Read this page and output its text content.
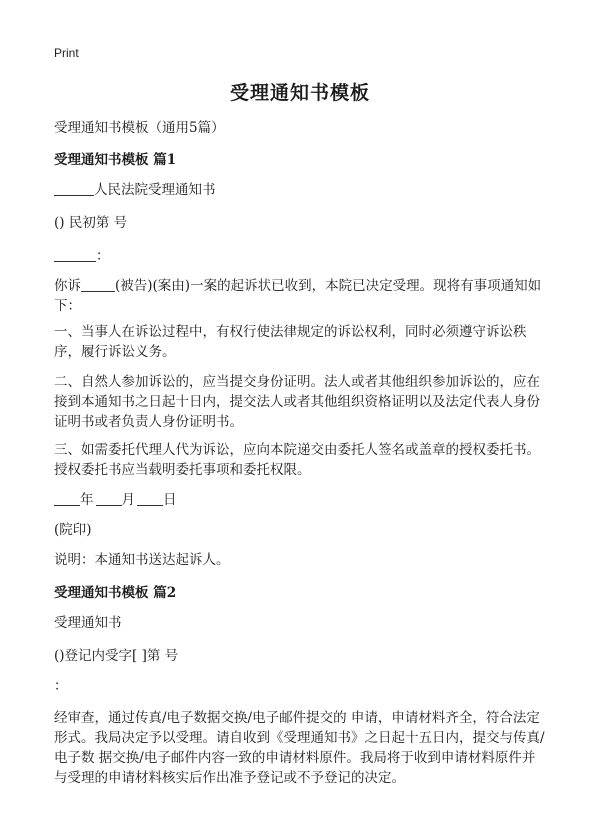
Print
受理通知书模板
受理通知书模板（通用5篇）
受理通知书模板 篇1
人民法院受理通知书
() 民初第 号
：
你诉	(被告)(案由)一案的起诉状已收到，本院已决定受理。现将有事项通知如下：
一、当事人在诉讼过程中，有权行使法律规定的诉讼权利，同时必须遵守诉讼秩序，履行诉讼义务。
二、自然人参加诉讼的，应当提交身份证明。法人或者其他组织参加诉讼的，应在接到本通知书之日起十日内，提交法人或者其他组织资格证明以及法定代表人身份证明书或者负责人身份证明书。
三、如需委托代理人代为诉讼，应向本院递交由委托人签名或盖章的授权委托书。授权委托书应当载明委托事项和委托权限。
年 月 日
(院印)
说明：本通知书送达起诉人。
受理通知书模板 篇2
受理通知书
()登记内受字[ ]第 号
：
经审查，通过传真/电子数据交换/电子邮件提交的 申请，申请材料齐全，符合法定形式。我局决定予以受理。请自收到《受理通知书》之日起十五日内，提交与传真/电子数 据交换/电子邮件内容一致的申请材料原件。我局将于收到申请材料原件并与受理的申请材料核实后作出准予登记或不予登记的决定。
